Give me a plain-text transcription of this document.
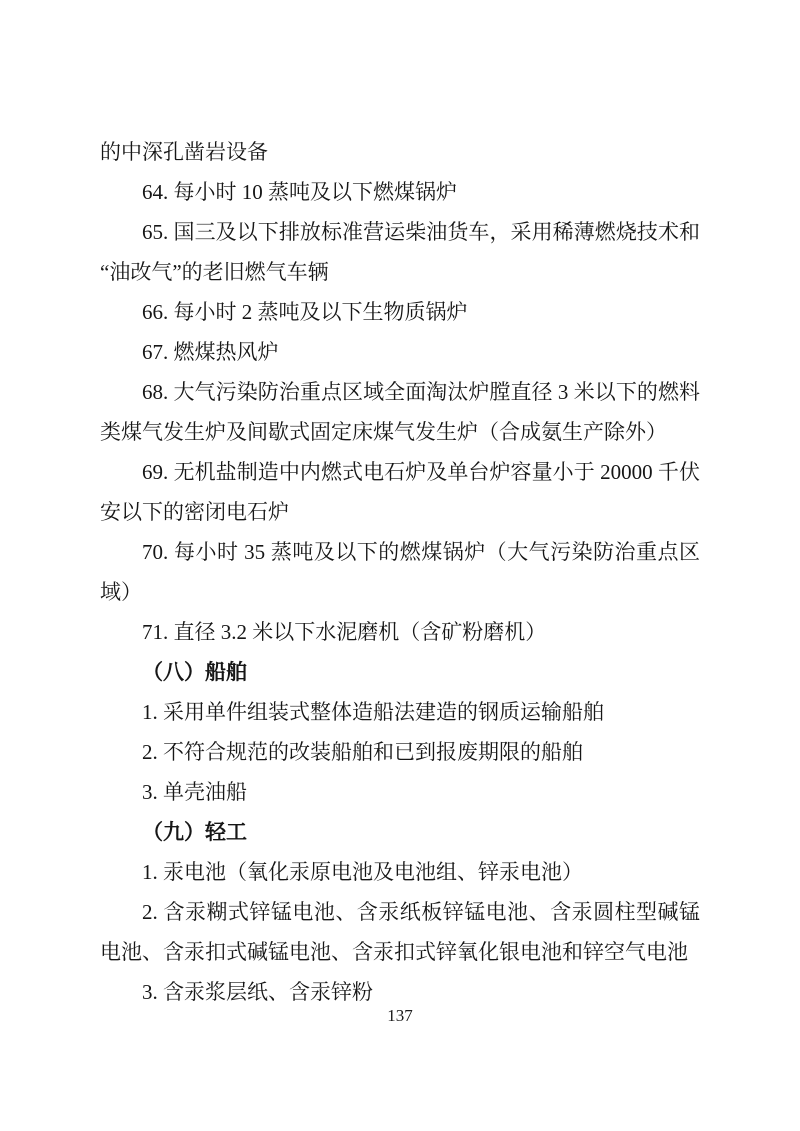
的中深孔凿岩设备

64. 每小时 10 蒸吨及以下燃煤锅炉

65. 国三及以下排放标准营运柴油货车，采用稀薄燃烧技术和“油改气”的老旧燃气车辆

66. 每小时 2 蒸吨及以下生物质锅炉

67. 燃煤热风炉

68. 大气污染防治重点区域全面淘汰炉膛直径 3 米以下的燃料类煤气发生炉及间歇式固定床煤气发生炉（合成氨生产除外）

69. 无机盐制造中内燃式电石炉及单台炉容量小于 20000 千伏安以下的密闭电石炉

70. 每小时 35 蒸吨及以下的燃煤锅炉（大气污染防治重点区域）

71. 直径 3.2 米以下水泥磨机（含矿粉磨机）

（八）船舶

1. 采用单件组装式整体造船法建造的钢质运输船舶

2. 不符合规范的改装船舶和已到报废期限的船舶

3. 单壳油船

（九）轻工

1. 汞电池（氧化汞原电池及电池组、锌汞电池）

2. 含汞糊式锌锰电池、含汞纸板锌锰电池、含汞圆柱型碱锰电池、含汞扣式碱锰电池、含汞扣式锌氧化银电池和锌空气电池

3. 含汞浆层纸、含汞锌粉

137
